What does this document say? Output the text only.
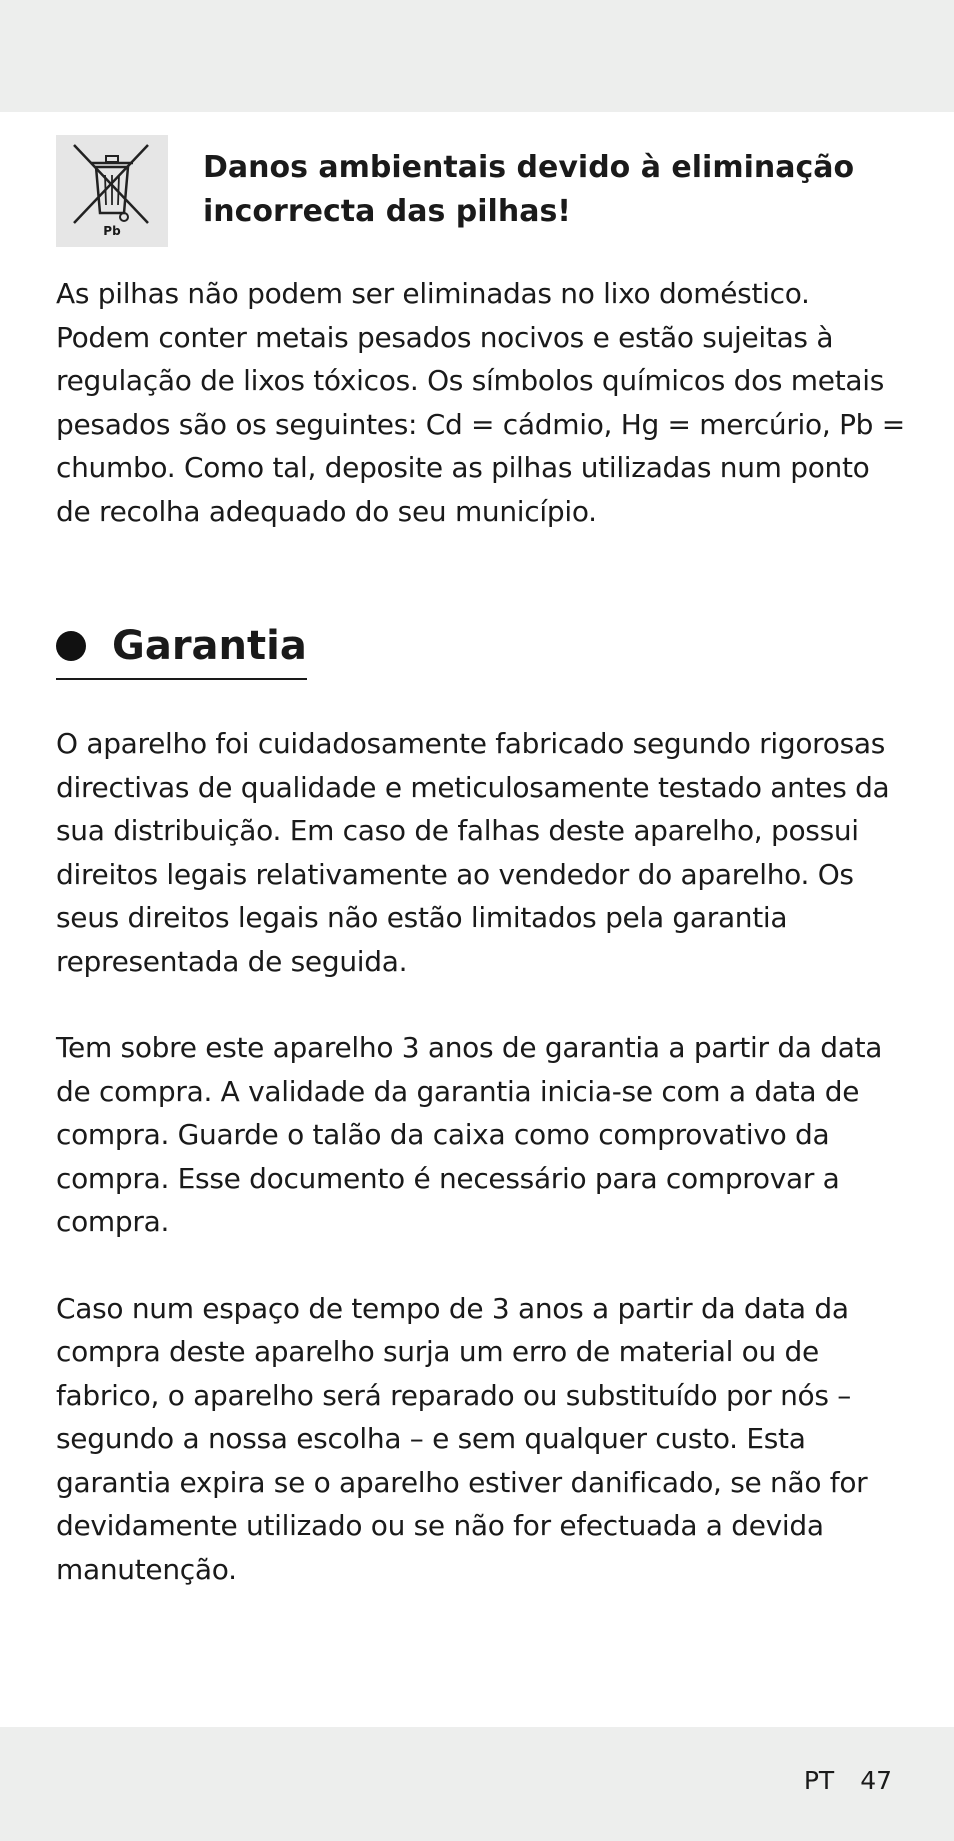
Pb
Danos ambientais devido à eliminação
incorrecta das pilhas!

As pilhas não podem ser eliminadas no lixo doméstico. Podem conter metais pesados nocivos e estão sujeitas à regulação de lixos tóxicos. Os símbolos químicos dos metais pesados são os seguintes: Cd = cádmio, Hg = mercúrio, Pb = chumbo. Como tal, deposite as pilhas utilizadas num ponto de recolha adequado do seu município.

Garantia

O aparelho foi cuidadosamente fabricado segundo rigorosas directivas de qualidade e meticulosamente testado antes da sua distribuição. Em caso de falhas deste aparelho, possui direitos legais relativamente ao vendedor do aparelho. Os seus direitos legais não estão limitados pela garantia representada de seguida.

Tem sobre este aparelho 3 anos de garantia a partir da data de compra. A validade da garantia inicia-se com a data de compra. Guarde o talão da caixa como comprovativo da compra. Esse documento é necessário para comprovar a compra.

Caso num espaço de tempo de 3 anos a partir da data da compra deste aparelho surja um erro de material ou de fabrico, o aparelho será reparado ou substituído por nós – segundo a nossa escolha – e sem qualquer custo. Esta garantia expira se o aparelho estiver danificado, se não for devidamente utilizado ou se não for efectuada a devida manutenção.

PT 47
